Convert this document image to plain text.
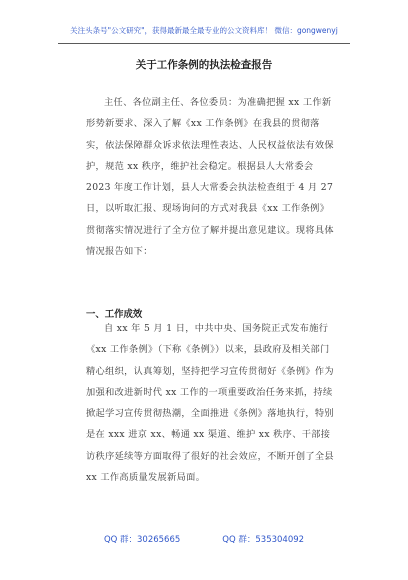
关注头条号"公文研究"，获得最新最全最专业的公文资料库！ 微信：gongwenyj
关于工作条例的执法检查报告

主任、各位副主任、各位委员：为准确把握 xx 工作新形势新要求、深入了解《xx 工作条例》在我县的贯彻落实，依法保障群众诉求依法理性表达、人民权益依法有效保护，规范 xx 秩序，维护社会稳定。根据县人大常委会 2023 年度工作计划，县人大常委会执法检查组于 4 月 27 日，以听取汇报、现场询问的方式对我县《xx 工作条例》贯彻落实情况进行了全方位了解并提出意见建议。现将具体情况报告如下：

一、工作成效

自 xx 年 5 月 1 日，中共中央、国务院正式发布施行《xx 工作条例》（下称《条例》）以来，县政府及相关部门精心组织，认真筹划，坚持把学习宣传贯彻好《条例》作为加强和改进新时代 xx 工作的一项重要政治任务来抓，持续掀起学习宣传贯彻热潮，全面推进《条例》落地执行，特别是在 xxx 进京 xx、畅通 xx 渠道、维护 xx 秩序、干部接访秩序延续等方面取得了很好的社会效应，不断开创了全县 xx 工作高质量发展新局面。

QQ 群：30265665	QQ 群：535304092
